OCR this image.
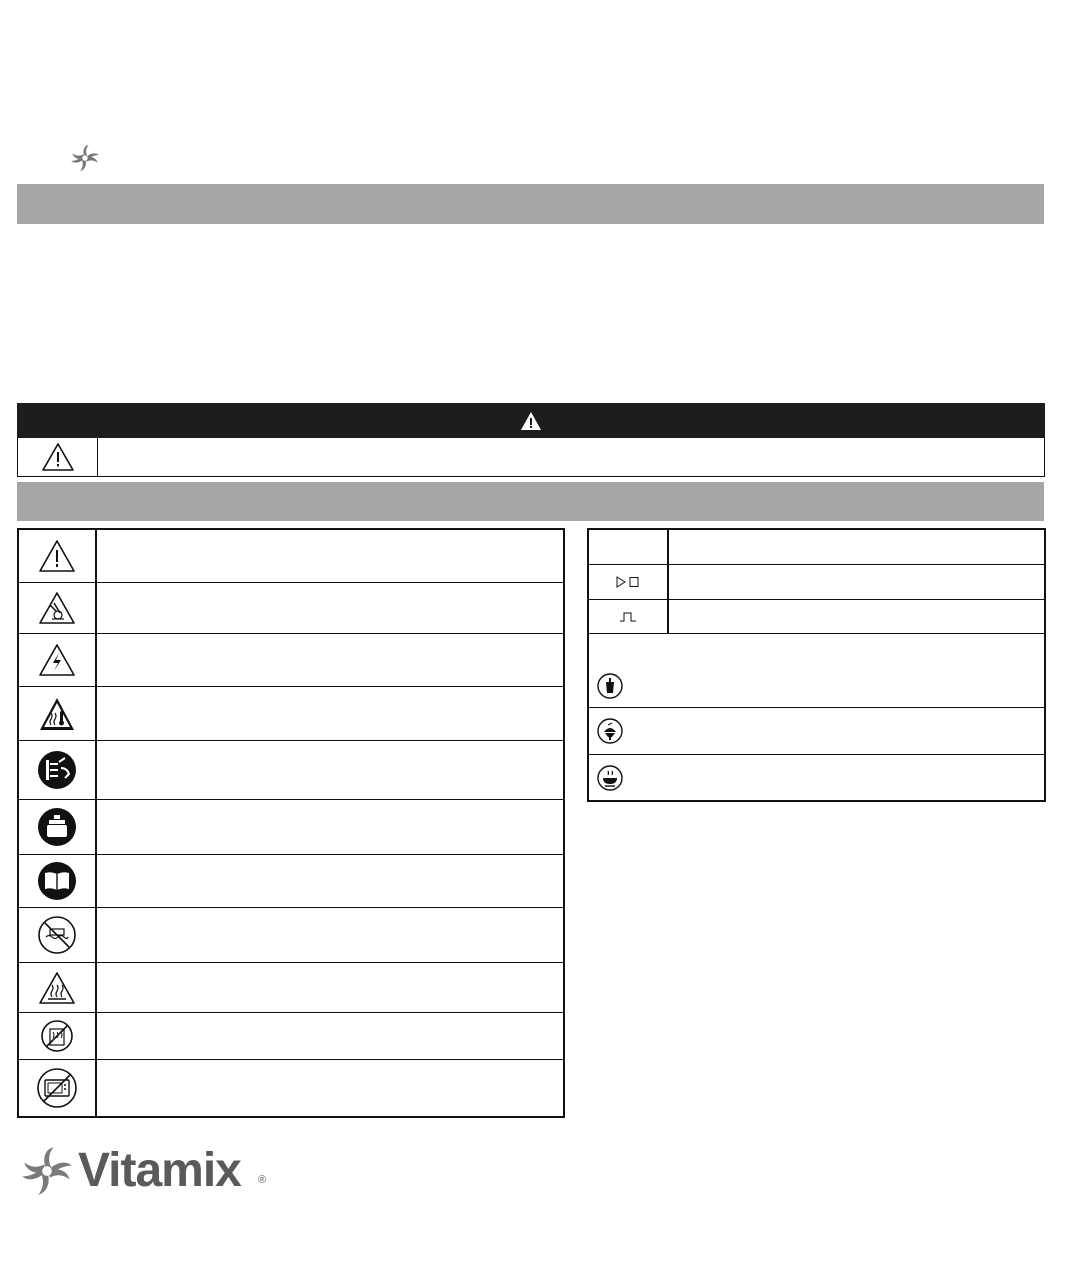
Vitamix ®
